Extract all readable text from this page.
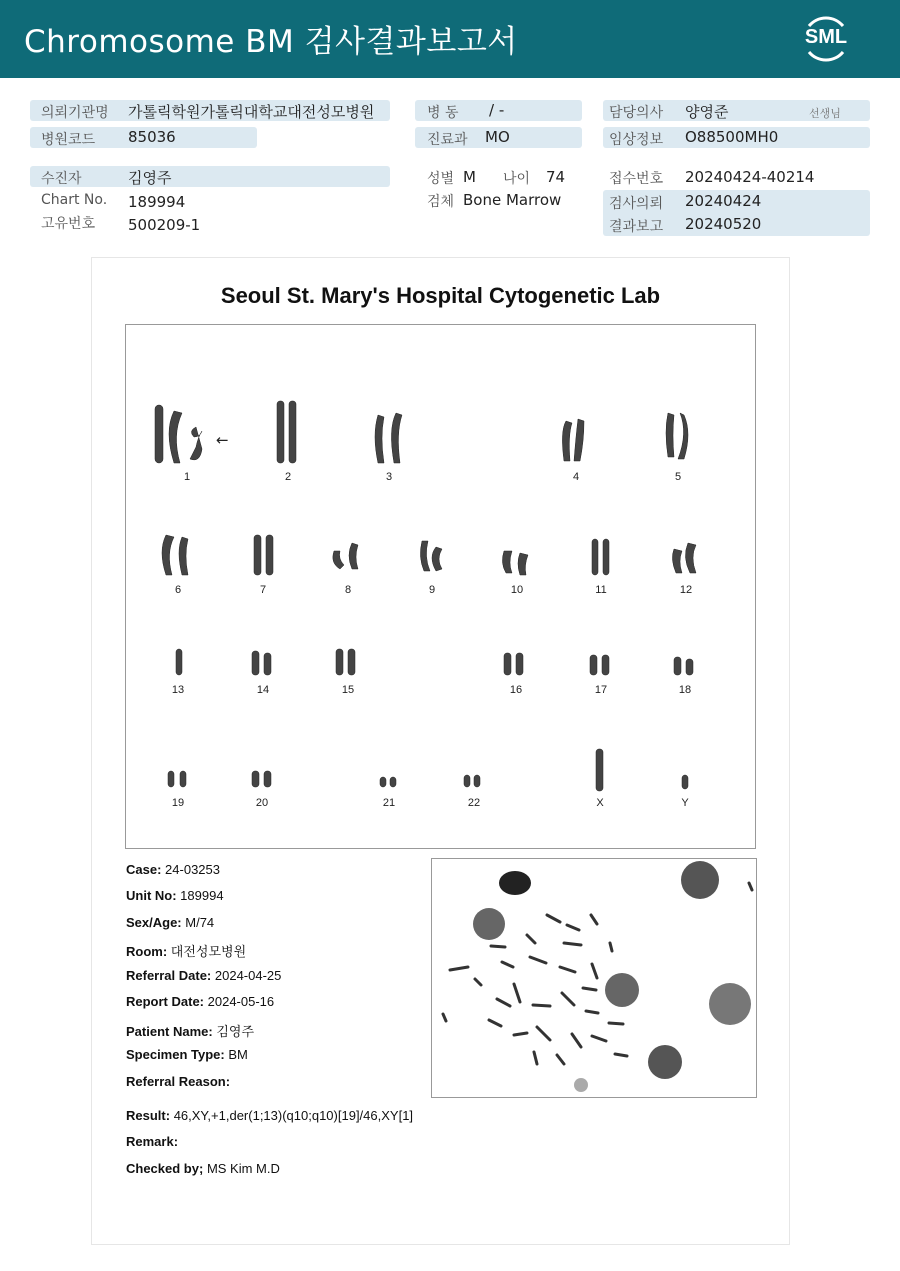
Chromosome BM 검사결과보고서	SML
의뢰기관명 가톨릭학원가톨릭대학교대전성모병원
병원코드 85036
병 동 / -
진료과 MO
담당의사 양영준	선생님
임상정보 O88500MH0
수진자	김영주
Chart No. 189994
고유번호 500209-1
성별 M 나이 74
검체 Bone Marrow
접수번호 20240424-40214
검사의뢰 20240424
결과보고 20240520
Seoul St. Mary's Hospital Cytogenetic Lab
←
1	2	3	4	5
6	7	8	9	10	11	12
13	14	15	16	17	18
19	20	21	22	X	Y
Case: 24-03253
Unit No: 189994
Sex/Age: M/74
Room: 대전성모병원
Referral Date: 2024-04-25
Report Date: 2024-05-16
Patient Name: 김영주
Specimen Type: BM
Referral Reason:
Result: 46,XY,+1,der(1;13)(q10;q10)[19]/46,XY[1]
Remark:
Checked by; MS Kim M.D
